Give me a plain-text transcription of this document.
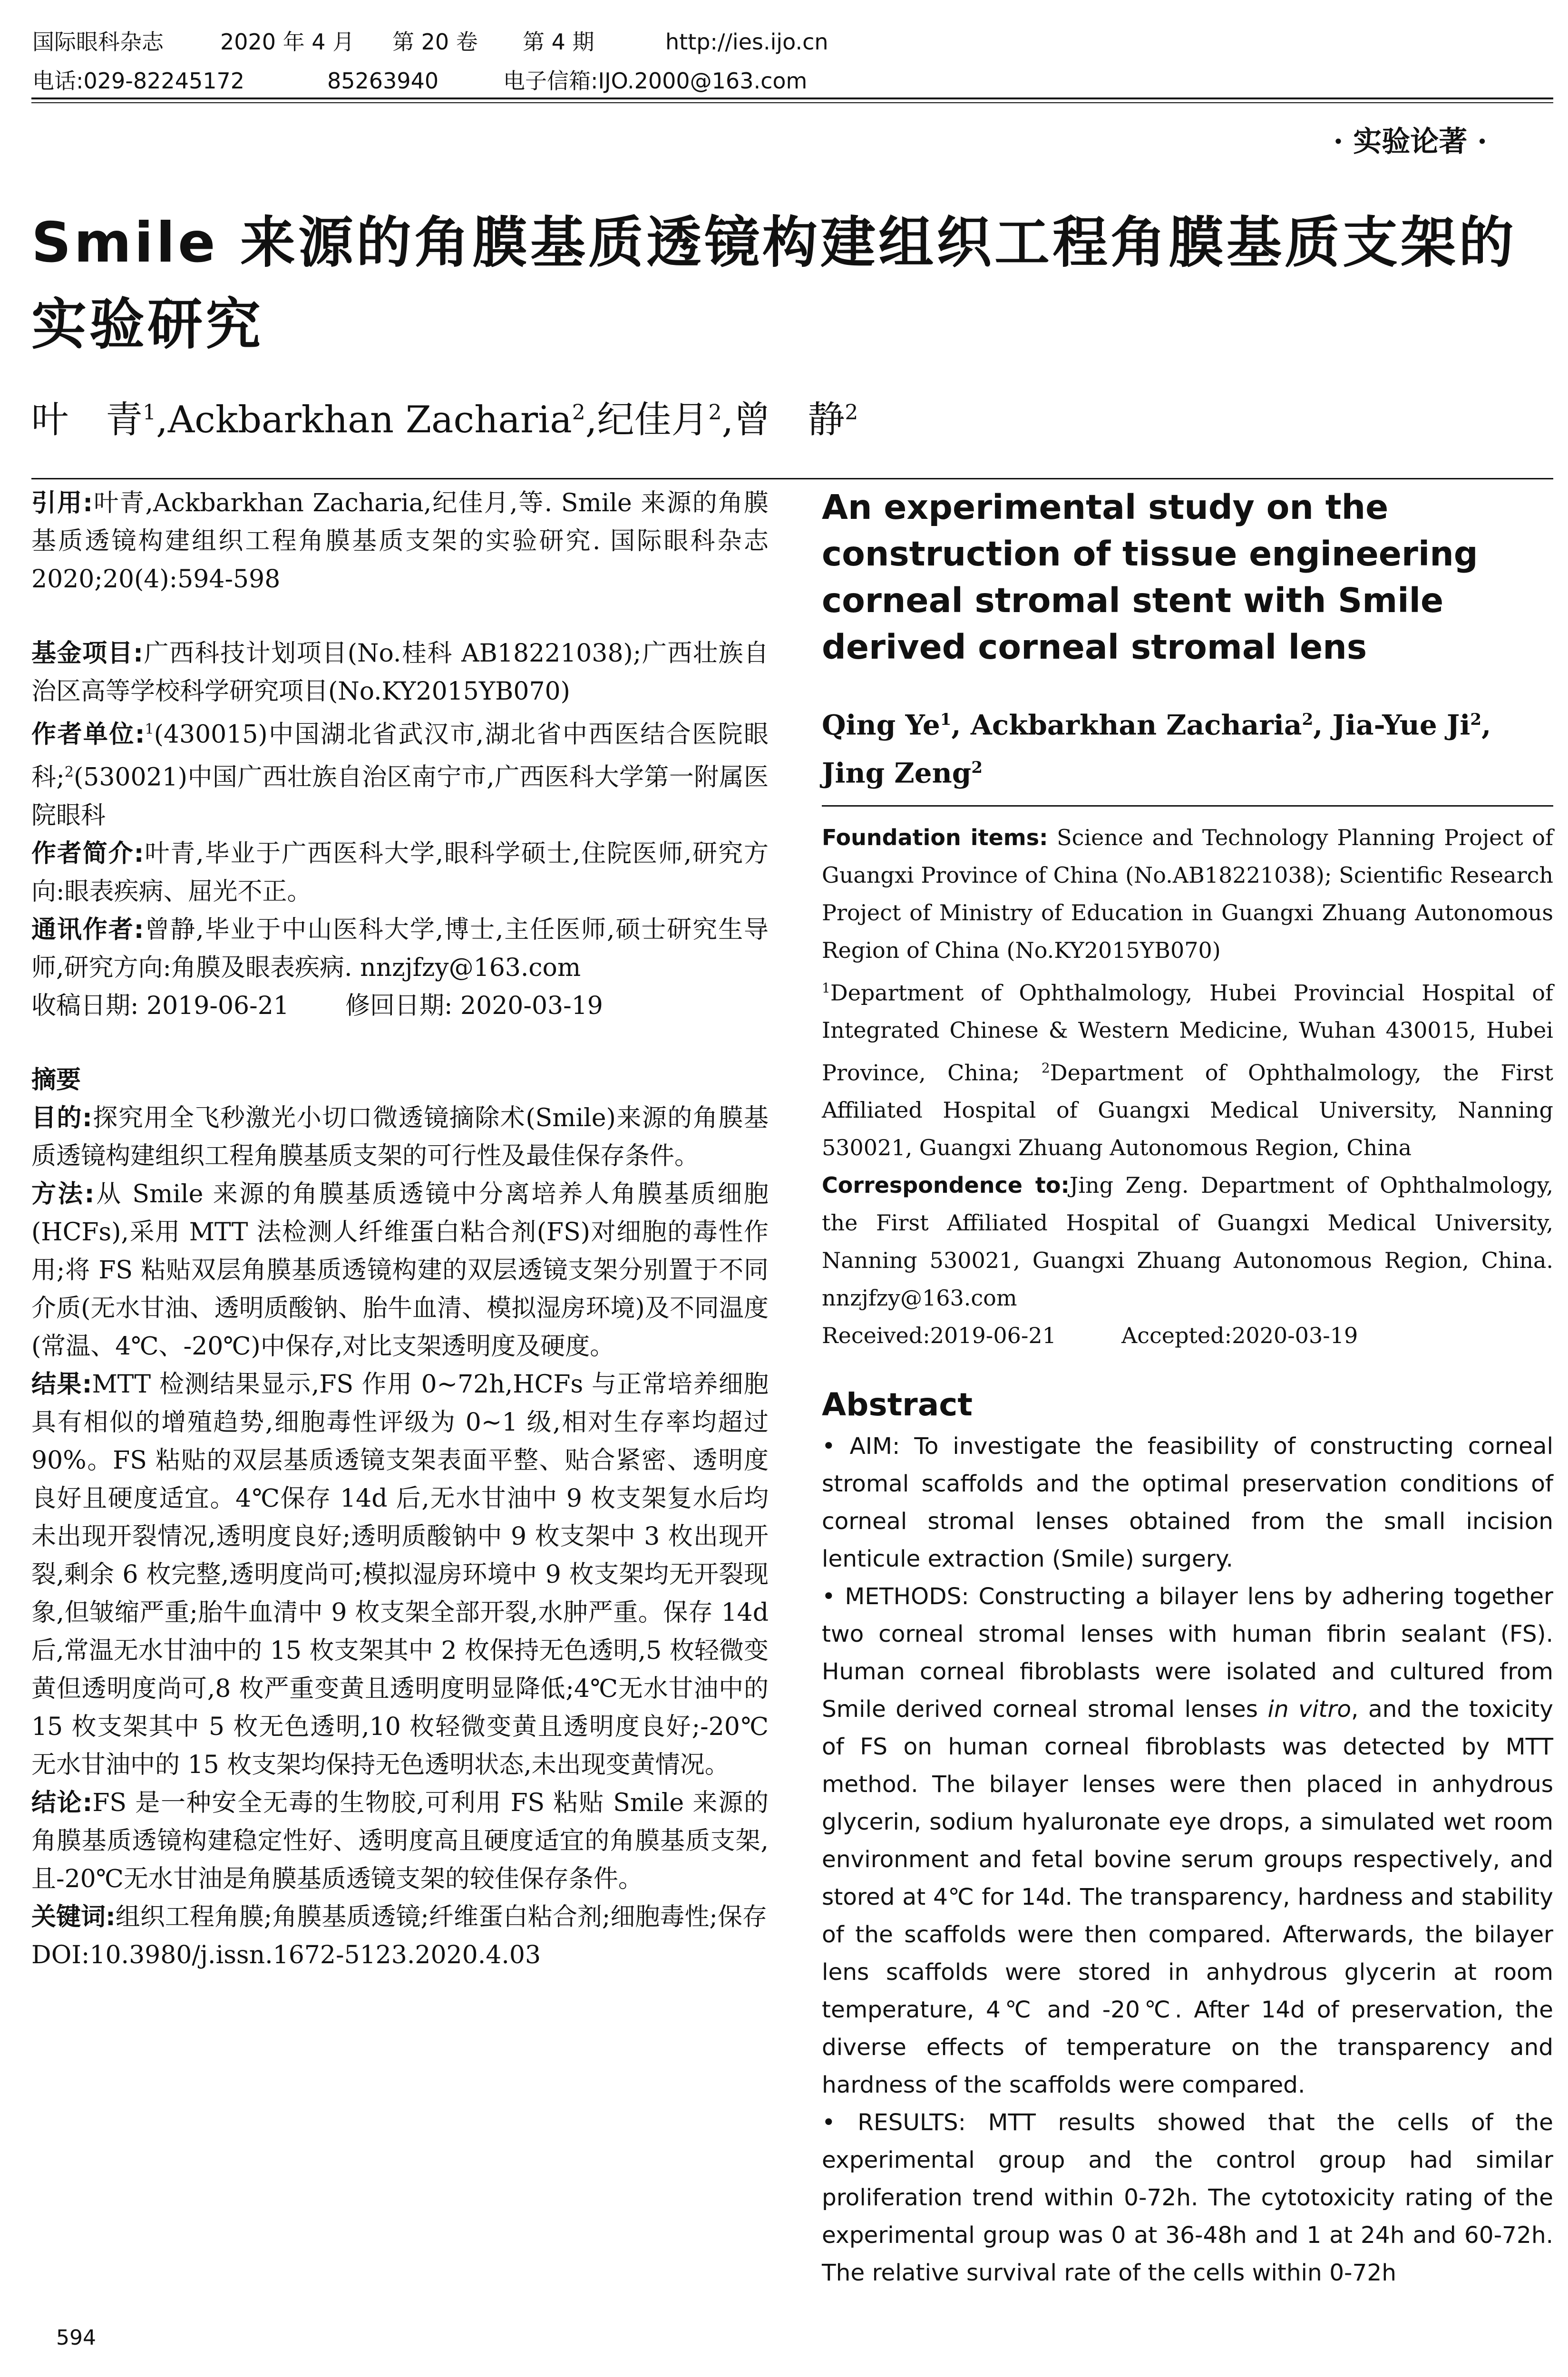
国际眼科杂志	2020 年 4 月 第 20 卷 第 4 期	http://ies.ijo.cn
电话:029-82245172	85263940	电子信箱:IJO.2000@163.com
· 实验论著 ·
Smile 来源的角膜基质透镜构建组织工程角膜基质支架的实验研究
叶　青$^1$,Ackbarkhan Zacharia$^2$,纪佳月$^2$,曾　静$^2$

引用:叶青,Ackbarkhan Zacharia,纪佳月,等. Smile 来源的角膜基质透镜构建组织工程角膜基质支架的实验研究. 国际眼科杂志 2020;20(4):594-598

基金项目:广西科技计划项目(No.桂科 AB18221038);广西壮族自治区高等学校科学研究项目(No.KY2015YB070)

作者单位:$^1$(430015)中国湖北省武汉市,湖北省中西医结合医院眼科;$^2$(530021)中国广西壮族自治区南宁市,广西医科大学第一附属医院眼科

作者简介:叶青,毕业于广西医科大学,眼科学硕士,住院医师,研究方向:眼表疾病、屈光不正。

通讯作者:曾静,毕业于中山医科大学,博士,主任医师,硕士研究生导师,研究方向:角膜及眼表疾病. nnzjfzy@163.com

收稿日期: 2019-06-21 修回日期: 2020-03-19

摘要

目的:探究用全飞秒激光小切口微透镜摘除术(Smile)来源的角膜基质透镜构建组织工程角膜基质支架的可行性及最佳保存条件。

方法:从 Smile 来源的角膜基质透镜中分离培养人角膜基质细胞(HCFs),采用 MTT 法检测人纤维蛋白粘合剂(FS)对细胞的毒性作用;将 FS 粘贴双层角膜基质透镜构建的双层透镜支架分别置于不同介质(无水甘油、透明质酸钠、胎牛血清、模拟湿房环境)及不同温度(常温、4℃、-20℃)中保存,对比支架透明度及硬度。

结果:MTT 检测结果显示,FS 作用 0~72h,HCFs 与正常培养细胞具有相似的增殖趋势,细胞毒性评级为 0~1 级,相对生存率均超过 90%。FS 粘贴的双层基质透镜支架表面平整、贴合紧密、透明度良好且硬度适宜。4℃保存 14d 后,无水甘油中 9 枚支架复水后均未出现开裂情况,透明度良好;透明质酸钠中 9 枚支架中 3 枚出现开裂,剩余 6 枚完整,透明度尚可;模拟湿房环境中 9 枚支架均无开裂现象,但皱缩严重;胎牛血清中 9 枚支架全部开裂,水肿严重。保存 14d 后,常温无水甘油中的 15 枚支架其中 2 枚保持无色透明,5 枚轻微变黄但透明度尚可,8 枚严重变黄且透明度明显降低;4℃无水甘油中的 15 枚支架其中 5 枚无色透明,10 枚轻微变黄且透明度良好;-20℃无水甘油中的 15 枚支架均保持无色透明状态,未出现变黄情况。

结论:FS 是一种安全无毒的生物胶,可利用 FS 粘贴 Smile 来源的角膜基质透镜构建稳定性好、透明度高且硬度适宜的角膜基质支架,且-20℃无水甘油是角膜基质透镜支架的较佳保存条件。

关键词:组织工程角膜;角膜基质透镜;纤维蛋白粘合剂;细胞毒性;保存

DOI:10.3980/j.issn.1672-5123.2020.4.03

An experimental study on the construction of tissue engineering corneal stromal stent with Smile derived corneal stromal lens

Qing Ye$^1$, Ackbarkhan Zacharia$^2$, Jia-Yue Ji$^2$, Jing Zeng$^2$

Foundation items: Science and Technology Planning Project of Guangxi Province of China (No.AB18221038); Scientific Research Project of Ministry of Education in Guangxi Zhuang Autonomous Region of China (No.KY2015YB070)

$^1$Department of Ophthalmology, Hubei Provincial Hospital of Integrated Chinese & Western Medicine, Wuhan 430015, Hubei Province, China; $^2$Department of Ophthalmology, the First Affiliated Hospital of Guangxi Medical University, Nanning 530021, Guangxi Zhuang Autonomous Region, China

Correspondence to:Jing Zeng. Department of Ophthalmology, the First Affiliated Hospital of Guangxi Medical University, Nanning 530021, Guangxi Zhuang Autonomous Region, China. nnzjfzy@163.com

Received:2019-06-21	Accepted:2020-03-19

Abstract

• AIM: To investigate the feasibility of constructing corneal stromal scaffolds and the optimal preservation conditions of corneal stromal lenses obtained from the small incision lenticule extraction (Smile) surgery.

• METHODS: Constructing a bilayer lens by adhering together two corneal stromal lenses with human fibrin sealant (FS). Human corneal fibroblasts were isolated and cultured from Smile derived corneal stromal lenses in vitro, and the toxicity of FS on human corneal fibroblasts was detected by MTT method. The bilayer lenses were then placed in anhydrous glycerin, sodium hyaluronate eye drops, a simulated wet room environment and fetal bovine serum groups respectively, and stored at 4℃ for 14d. The transparency, hardness and stability of the scaffolds were then compared. Afterwards, the bilayer lens scaffolds were stored in anhydrous glycerin at room temperature, 4℃ and -20℃. After 14d of preservation, the diverse effects of temperature on the transparency and hardness of the scaffolds were compared.

• RESULTS: MTT results showed that the cells of the experimental group and the control group had similar proliferation trend within 0-72h. The cytotoxicity rating of the experimental group was 0 at 36-48h and 1 at 24h and 60-72h. The relative survival rate of the cells within 0-72h

594
